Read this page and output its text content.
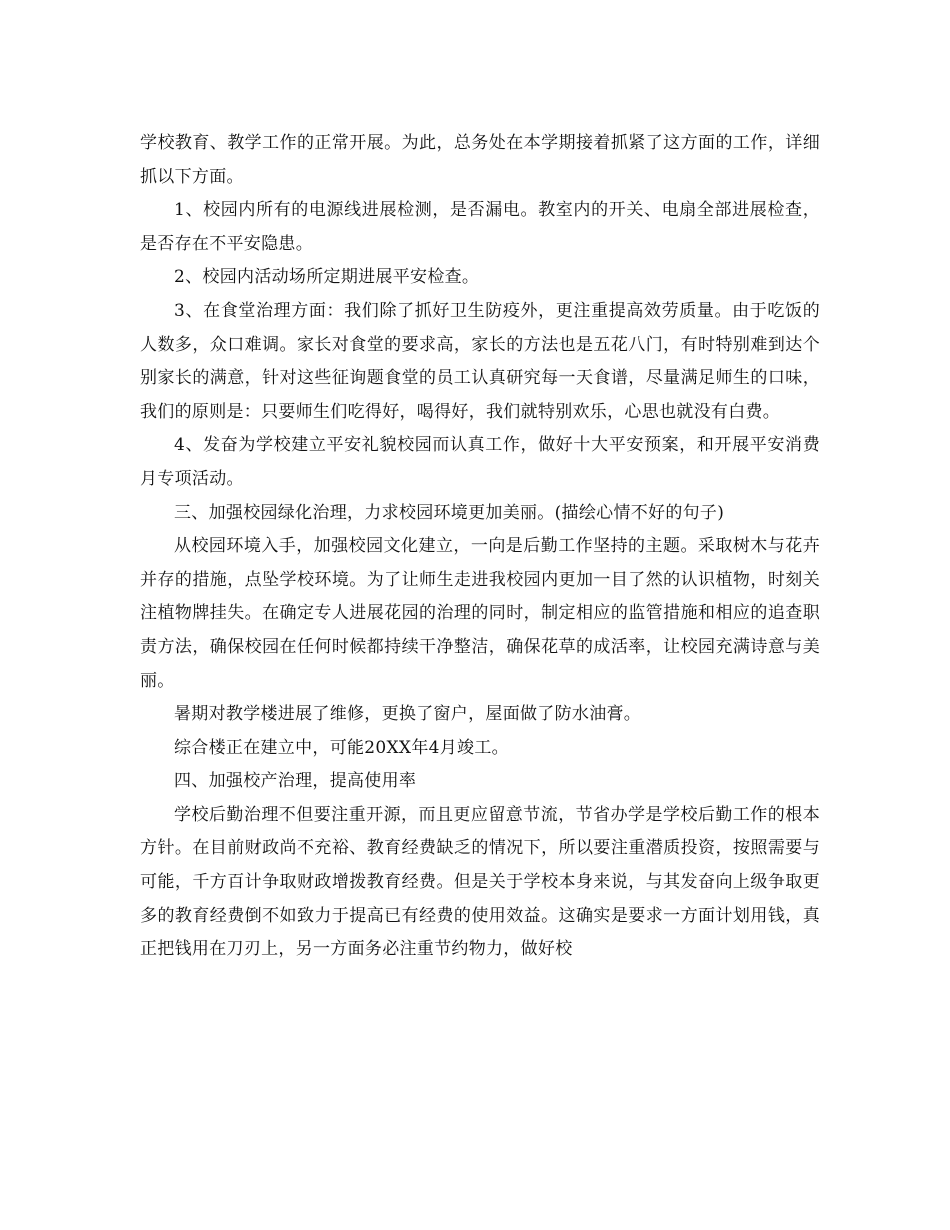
学校教育、教学工作的正常开展。为此，总务处在本学期接着抓紧了这方面的工作，详细抓以下方面。

1、校园内所有的电源线进展检测，是否漏电。教室内的开关、电扇全部进展检查，是否存在不平安隐患。

2、校园内活动场所定期进展平安检查。

3、在食堂治理方面：我们除了抓好卫生防疫外，更注重提高效劳质量。由于吃饭的人数多，众口难调。家长对食堂的要求高，家长的方法也是五花八门，有时特别难到达个别家长的满意，针对这些征询题食堂的员工认真研究每一天食谱，尽量满足师生的口味，我们的原则是：只要师生们吃得好，喝得好，我们就特别欢乐，心思也就没有白费。

4、发奋为学校建立平安礼貌校园而认真工作，做好十大平安预案，和开展平安消费月专项活动。

三、加强校园绿化治理，力求校园环境更加美丽。(描绘心情不好的句子)

从校园环境入手，加强校园文化建立，一向是后勤工作坚持的主题。采取树木与花卉并存的措施，点坠学校环境。为了让师生走进我校园内更加一目了然的认识植物，时刻关注植物牌挂失。在确定专人进展花园的治理的同时，制定相应的监管措施和相应的追查职责方法，确保校园在任何时候都持续干净整洁，确保花草的成活率，让校园充满诗意与美丽。

暑期对教学楼进展了维修，更换了窗户，屋面做了防水油膏。

综合楼正在建立中，可能20XX年4月竣工。

四、加强校产治理，提高使用率

学校后勤治理不但要注重开源，而且更应留意节流，节省办学是学校后勤工作的根本方针。在目前财政尚不充裕、教育经费缺乏的情况下，所以要注重潜质投资，按照需要与可能，千方百计争取财政增拨教育经费。但是关于学校本身来说，与其发奋向上级争取更多的教育经费倒不如致力于提高已有经费的使用效益。这确实是要求一方面计划用钱，真正把钱用在刀刃上，另一方面务必注重节约物力，做好校
